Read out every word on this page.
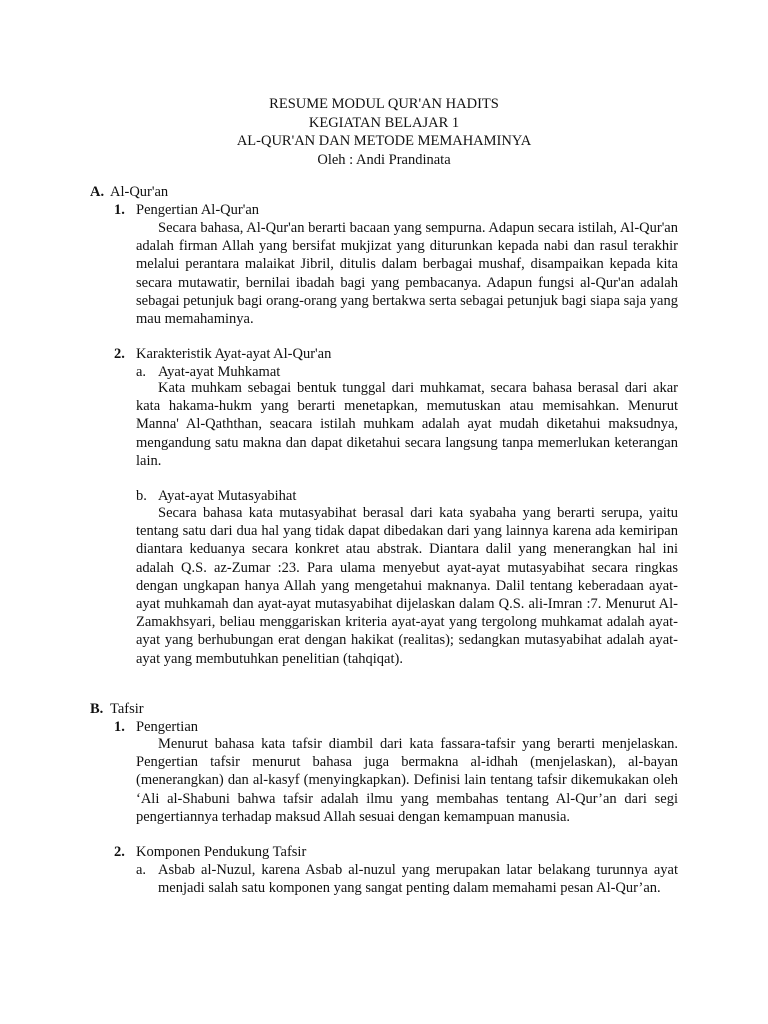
RESUME MODUL QUR'AN HADITS
KEGIATAN BELAJAR 1
AL-QUR'AN DAN METODE MEMAHAMINYA
Oleh : Andi Prandinata
A. Al-Qur'an
1. Pengertian Al-Qur'an

Secara bahasa, Al-Qur'an berarti bacaan yang sempurna. Adapun secara istilah, Al-Qur'an adalah firman Allah yang bersifat mukjizat yang diturunkan kepada nabi dan rasul terakhir melalui perantara malaikat Jibril, ditulis dalam berbagai mushaf, disampaikan kepada kita secara mutawatir, bernilai ibadah bagi yang pembacanya. Adapun fungsi al-Qur'an adalah sebagai petunjuk bagi orang-orang yang bertakwa serta sebagai petunjuk bagi siapa saja yang mau memahaminya.

2. Karakteristik Ayat-ayat Al-Qur'an
a. Ayat-ayat Muhkamat

Kata muhkam sebagai bentuk tunggal dari muhkamat, secara bahasa berasal dari akar kata hakama-hukm yang berarti menetapkan, memutuskan atau memisahkan. Menurut Manna' Al-Qaththan, seacara istilah muhkam adalah ayat mudah diketahui maksudnya, mengandung satu makna dan dapat diketahui secara langsung tanpa memerlukan keterangan lain.

b. Ayat-ayat Mutasyabihat

Secara bahasa kata mutasyabihat berasal dari kata syabaha yang berarti serupa, yaitu tentang satu dari dua hal yang tidak dapat dibedakan dari yang lainnya karena ada kemiripan diantara keduanya secara konkret atau abstrak. Diantara dalil yang menerangkan hal ini adalah Q.S. az-Zumar :23. Para ulama menyebut ayat-ayat mutasyabihat secara ringkas dengan ungkapan hanya Allah yang mengetahui maknanya. Dalil tentang keberadaan ayat-ayat muhkamah dan ayat-ayat mutasyabihat dijelaskan dalam Q.S. ali-Imran :7. Menurut Al-Zamakhsyari, beliau menggariskan kriteria ayat-ayat yang tergolong muhkamat adalah ayat-ayat yang berhubungan erat dengan hakikat (realitas); sedangkan mutasyabihat adalah ayat-ayat yang membutuhkan penelitian (tahqiqat).

B. Tafsir
1. Pengertian

Menurut bahasa kata tafsir diambil dari kata fassara-tafsir yang berarti menjelaskan. Pengertian tafsir menurut bahasa juga bermakna al-idhah (menjelaskan), al-bayan (menerangkan) dan al-kasyf (menyingkapkan). Definisi lain tentang tafsir dikemukakan oleh ‘Ali al-Shabuni bahwa tafsir adalah ilmu yang membahas tentang Al-Qur’an dari segi pengertiannya terhadap maksud Allah sesuai dengan kemampuan manusia.

2. Komponen Pendukung Tafsir
a. Asbab al-Nuzul, karena Asbab al-nuzul yang merupakan latar belakang turunnya ayat menjadi salah satu komponen yang sangat penting dalam memahami pesan Al-Qur’an.
